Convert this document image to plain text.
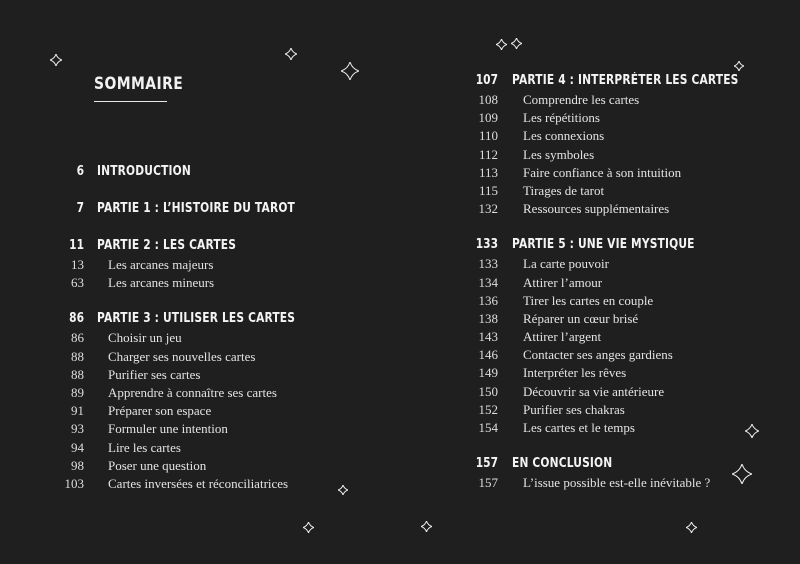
SOMMAIRE
6 INTRODUCTION
7 PARTIE 1 : L’HISTOIRE DU TAROT
11 PARTIE 2 : LES CARTES
13 Les arcanes majeurs
63 Les arcanes mineurs
86 PARTIE 3 : UTILISER LES CARTES
86 Choisir un jeu
88 Charger ses nouvelles cartes
88 Purifier ses cartes
89 Apprendre à connaître ses cartes
91 Préparer son espace
93 Formuler une intention
94 Lire les cartes
98 Poser une question
103 Cartes inversées et réconciliatrices
107 PARTIE 4 : INTERPRÉTER LES CARTES
108 Comprendre les cartes
109 Les répétitions
110 Les connexions
112 Les symboles
113 Faire confiance à son intuition
115 Tirages de tarot
132 Ressources supplémentaires
133 PARTIE 5 : UNE VIE MYSTIQUE
133 La carte pouvoir
134 Attirer l’amour
136 Tirer les cartes en couple
138 Réparer un cœur brisé
143 Attirer l’argent
146 Contacter ses anges gardiens
149 Interpréter les rêves
150 Découvrir sa vie antérieure
152 Purifier ses chakras
154 Les cartes et le temps
157 EN CONCLUSION
157 L’issue possible est-elle inévitable ?
